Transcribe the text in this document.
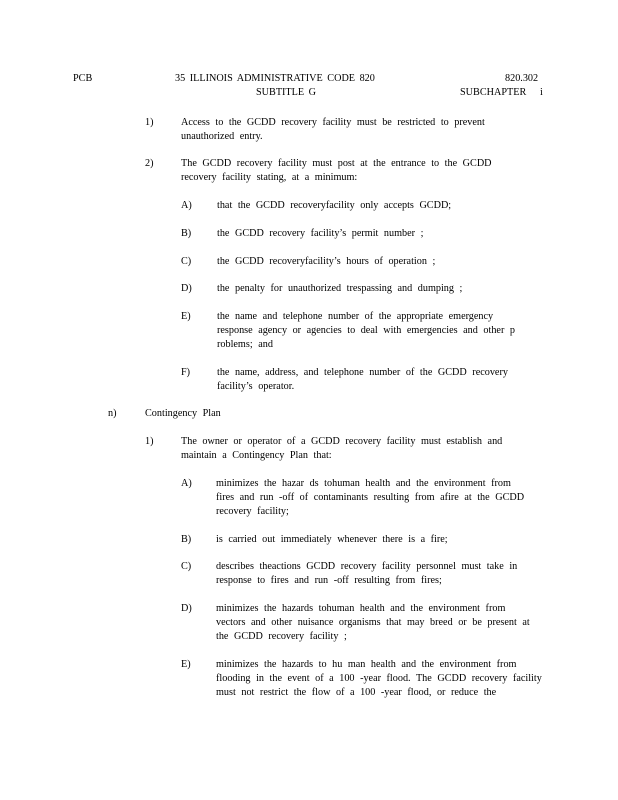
PCB	35 ILLINOIS ADMINISTRATIVE CODE 820	820.302
SUBTITLE G	SUBCHAPTER i
1)	Access to the GCDD recovery facility must be restricted to prevent unauthorized entry.
2)	The GCDD recovery facility must post at the entrance to the GCDD recovery facility stating, at a minimum:
A) that the GCDD recoveryfacility only accepts GCDD;
B)	the GCDD recovery facility’s permit number ;
C)	the GCDD recoveryfacility’s hours of operation ;
D) the penalty for unauthorized trespassing and dumping ;
E)	the name and telephone number of the appropriate emergency response agency or agencies to deal with emergencies and other p roblems; and
F)	the name, address, and telephone number of the GCDD recovery facility’s operator.
n)	Contingency Plan
1)	The owner or operator of a GCDD recovery facility must establish and maintain a Contingency Plan that:
A) minimizes the hazar ds tohuman health and the environment from fires and run -off of contaminants resulting from afire at the GCDD recovery facility;
B) is carried out immediately whenever there is a fire;
C) describes theactions GCDD recovery facility personnel must take in response to fires and run -off resulting from fires;
D) minimizes the hazards tohuman health and the environment from vectors and other nuisance organisms that may breed or be present at the GCDD recovery facility ;
E) minimizes the hazards to hu man health and the environment from flooding in the event of a 100 -year flood. The GCDD recovery facility must not restrict the flow of a 100 -year flood, or reduce the
